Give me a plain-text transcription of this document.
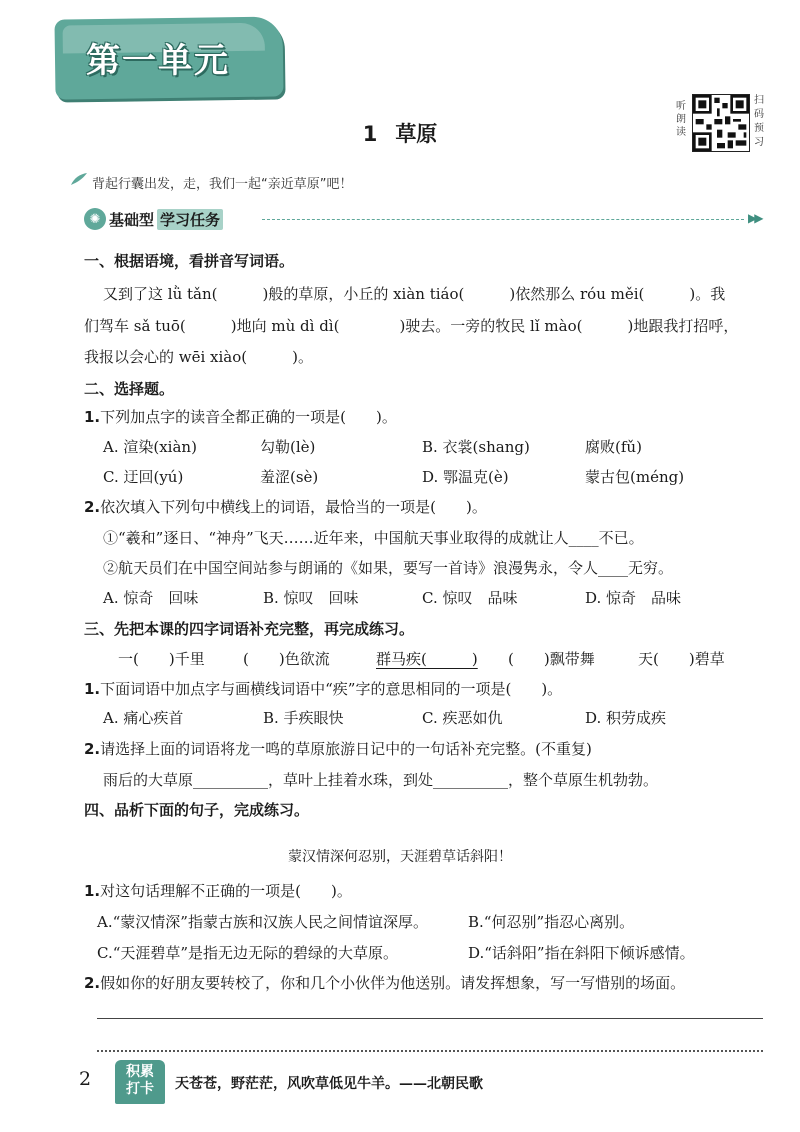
第一单元
1 草原
听朗读
扫码预习
背起行囊出发，走，我们一起“亲近草原”吧！
✺ 基础型 学习任务	▶▶
一、根据语境，看拼音写词语。
又到了这 lǜ tǎn(　　　)般的草原，小丘的 xiàn tiáo(　　　)依然那么 róu měi(　　　)。我
们驾车 sǎ tuō(　　　)地向 mù dì dì(　　　　)驶去。一旁的牧民 lǐ mào(　　　)地跟我打招呼，
我报以会心的 wēi xiào(　　　)。
二、选择题。
1.下列加点字的读音全都正确的一项是(　　)。
A. 渲染(xiàn)	勾勒(lè)	B. 衣裳(shang)	腐败(fǔ)
C. 迂回(yú)	羞涩(sè)	D. 鄂温克(è)	蒙古包(méng)
2.依次填入下列句中横线上的词语，最恰当的一项是(　　)。
①“羲和”逐日、“神舟”飞天……近年来，中国航天事业取得的成就让人____不已。
②航天员们在中国空间站参与朗诵的《如果，要写一首诗》浪漫隽永，令人____无穷。
A. 惊奇　回味	B. 惊叹　回味	C. 惊叹　品味	D. 惊奇　品味
三、先把本课的四字词语补充完整，再完成练习。
一(　　)千里	(　　)色欲流	群马疾(　　　) (　　)飘带舞	天(　　)碧草
1.下面词语中加点字与画横线词语中“疾”字的意思相同的一项是(　　)。
A. 痛心疾首	B. 手疾眼快	C. 疾恶如仇	D. 积劳成疾
2.请选择上面的词语将龙一鸣的草原旅游日记中的一句话补充完整。(不重复)
雨后的大草原__________，草叶上挂着水珠，到处__________，整个草原生机勃勃。
四、品析下面的句子，完成练习。
蒙汉情深何忍别，天涯碧草话斜阳！
1.对这句话理解不正确的一项是(　　)。
A.“蒙汉情深”指蒙古族和汉族人民之间情谊深厚。	B.“何忍别”指忍心离别。
C.“天涯碧草”是指无边无际的碧绿的大草原。	D.“话斜阳”指在斜阳下倾诉感情。
2.假如你的好朋友要转校了，你和几个小伙伴为他送别。请发挥想象，写一写惜别的场面。
2	积累
打卡	天苍苍，野茫茫，风吹草低见牛羊。——北朝民歌
